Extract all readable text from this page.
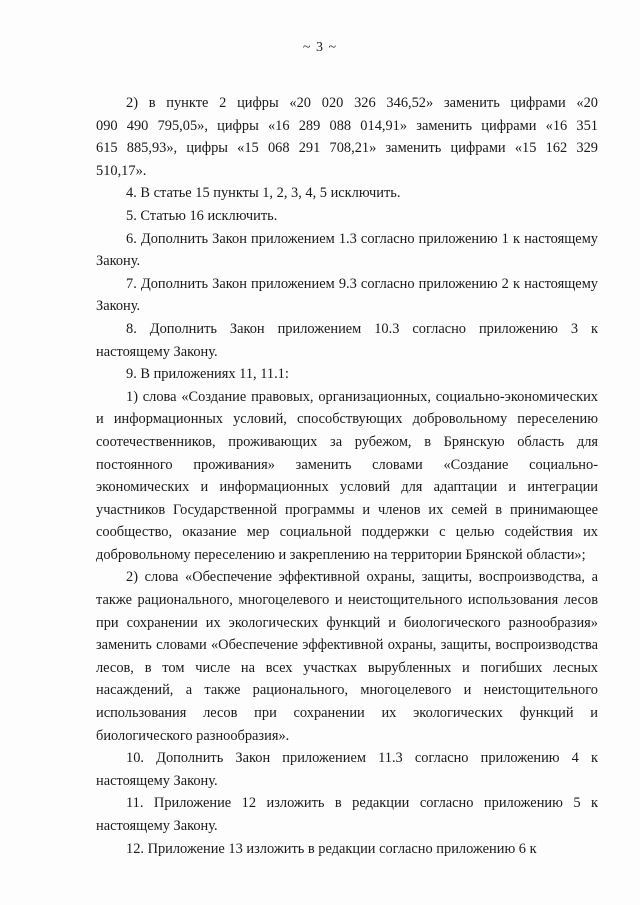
~ 3 ~

2) в пункте 2 цифры «20 020 326 346,52» заменить цифрами «20 090 490 795,05», цифры «16 289 088 014,91» заменить цифрами «16 351 615 885,93», цифры «15 068 291 708,21» заменить цифрами «15 162 329 510,17».

4. В статье 15 пункты 1, 2, 3, 4, 5 исключить.

5. Статью 16 исключить.

6. Дополнить Закон приложением 1.3 согласно приложению 1 к настоящему Закону.

7. Дополнить Закон приложением 9.3 согласно приложению 2 к настоящему Закону.

8. Дополнить Закон приложением 10.3 согласно приложению 3 к настоящему Закону.

9. В приложениях 11, 11.1:

1) слова «Создание правовых, организационных, социально-экономических и информационных условий, способствующих добровольному переселению соотечественников, проживающих за рубежом, в Брянскую область для постоянного проживания» заменить словами «Создание социально-экономических и информационных условий для адаптации и интеграции участников Государственной программы и членов их семей в принимающее сообщество, оказание мер социальной поддержки с целью содействия их добровольному переселению и закреплению на территории Брянской области»;

2) слова «Обеспечение эффективной охраны, защиты, воспроизводства, а также рационального, многоцелевого и неистощительного использования лесов при сохранении их экологических функций и биологического разнообразия» заменить словами «Обеспечение эффективной охраны, защиты, воспроизводства лесов, в том числе на всех участках вырубленных и погибших лесных насаждений, а также рационального, многоцелевого и неистощительного использования лесов при сохранении их экологических функций и биологического разнообразия».

10. Дополнить Закон приложением 11.3 согласно приложению 4 к настоящему Закону.

11. Приложение 12 изложить в редакции согласно приложению 5 к настоящему Закону.

12. Приложение 13 изложить в редакции согласно приложению 6 к
